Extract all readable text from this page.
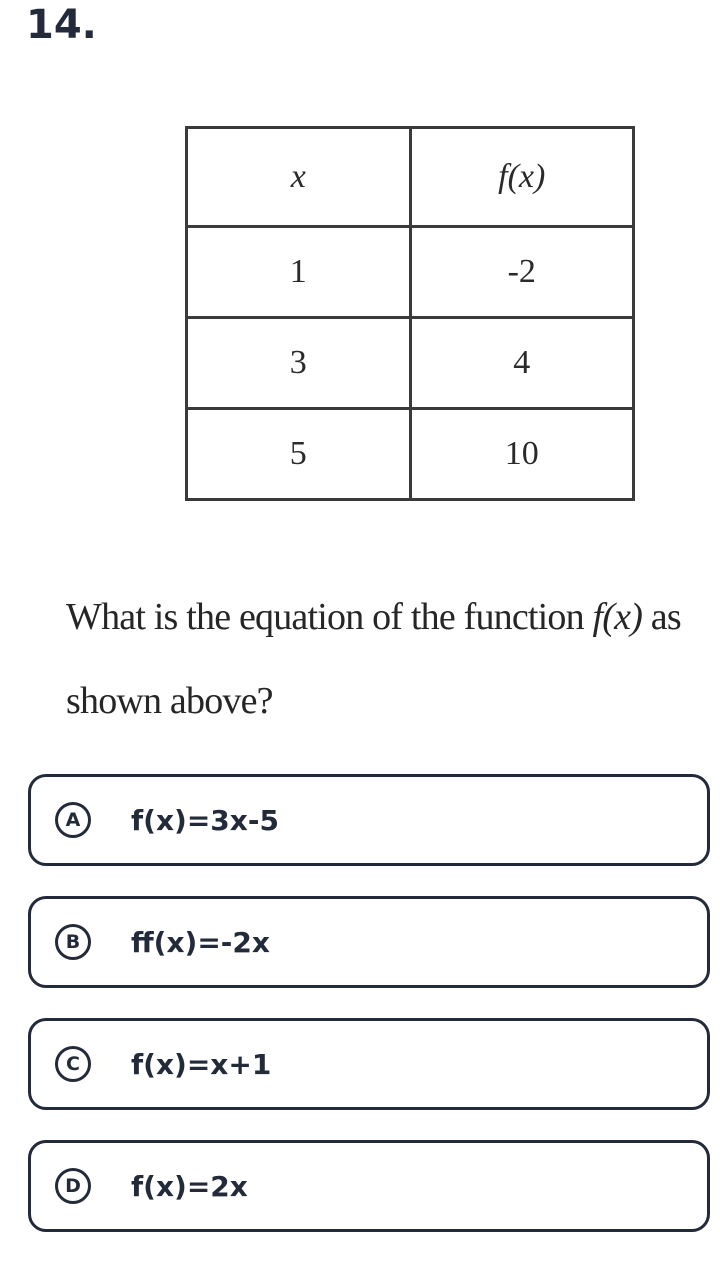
14.
x	f(x)
1	-2
3	4
5	10
What is the equation of the function f(x) as shown above?
A	f(x)=3x-5
B	ff(x)=-2x
C	f(x)=x+1
D	f(x)=2x
